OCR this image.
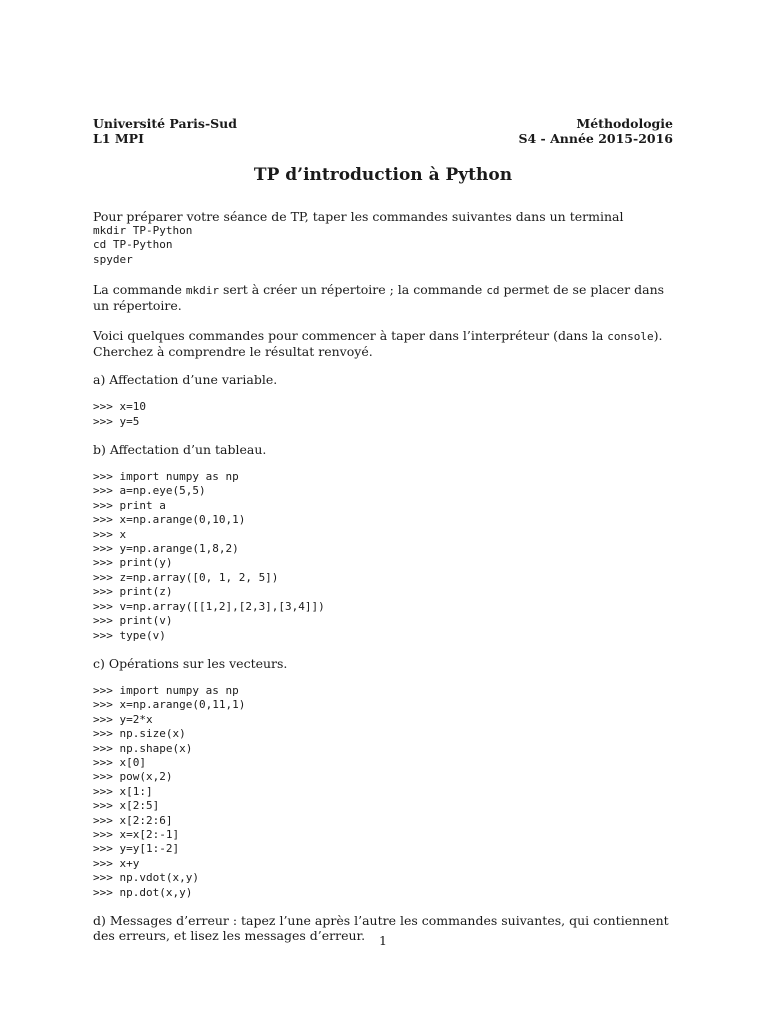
Université Paris-Sud
L1 MPI
Méthodologie
S4 - Année 2015-2016
TP d’introduction à Python

Pour préparer votre séance de TP, taper les commandes suivantes dans un terminal

mkdir TP-Python
cd TP-Python
spyder

La commande mkdir sert à créer un répertoire ; la commande cd permet de se placer dans un répertoire.

Voici quelques commandes pour commencer à taper dans l’interpréteur (dans la console). Cherchez à comprendre le résultat renvoyé.

a) Affectation d’une variable.

>>> x=10
>>> y=5

b) Affectation d’un tableau.

>>> import numpy as np
>>> a=np.eye(5,5)
>>> print a
>>> x=np.arange(0,10,1)
>>> x
>>> y=np.arange(1,8,2)
>>> print(y)
>>> z=np.array([0, 1, 2, 5])
>>> print(z)
>>> v=np.array([[1,2],[2,3],[3,4]])
>>> print(v)
>>> type(v)

c) Opérations sur les vecteurs.

>>> import numpy as np
>>> x=np.arange(0,11,1)
>>> y=2*x
>>> np.size(x)
>>> np.shape(x)
>>> x[0]
>>> pow(x,2)
>>> x[1:]
>>> x[2:5]
>>> x[2:2:6]
>>> x=x[2:-1]
>>> y=y[1:-2]
>>> x+y
>>> np.vdot(x,y)
>>> np.dot(x,y)

d) Messages d’erreur : tapez l’une après l’autre les commandes suivantes, qui contiennent des erreurs, et lisez les messages d’erreur.	1
